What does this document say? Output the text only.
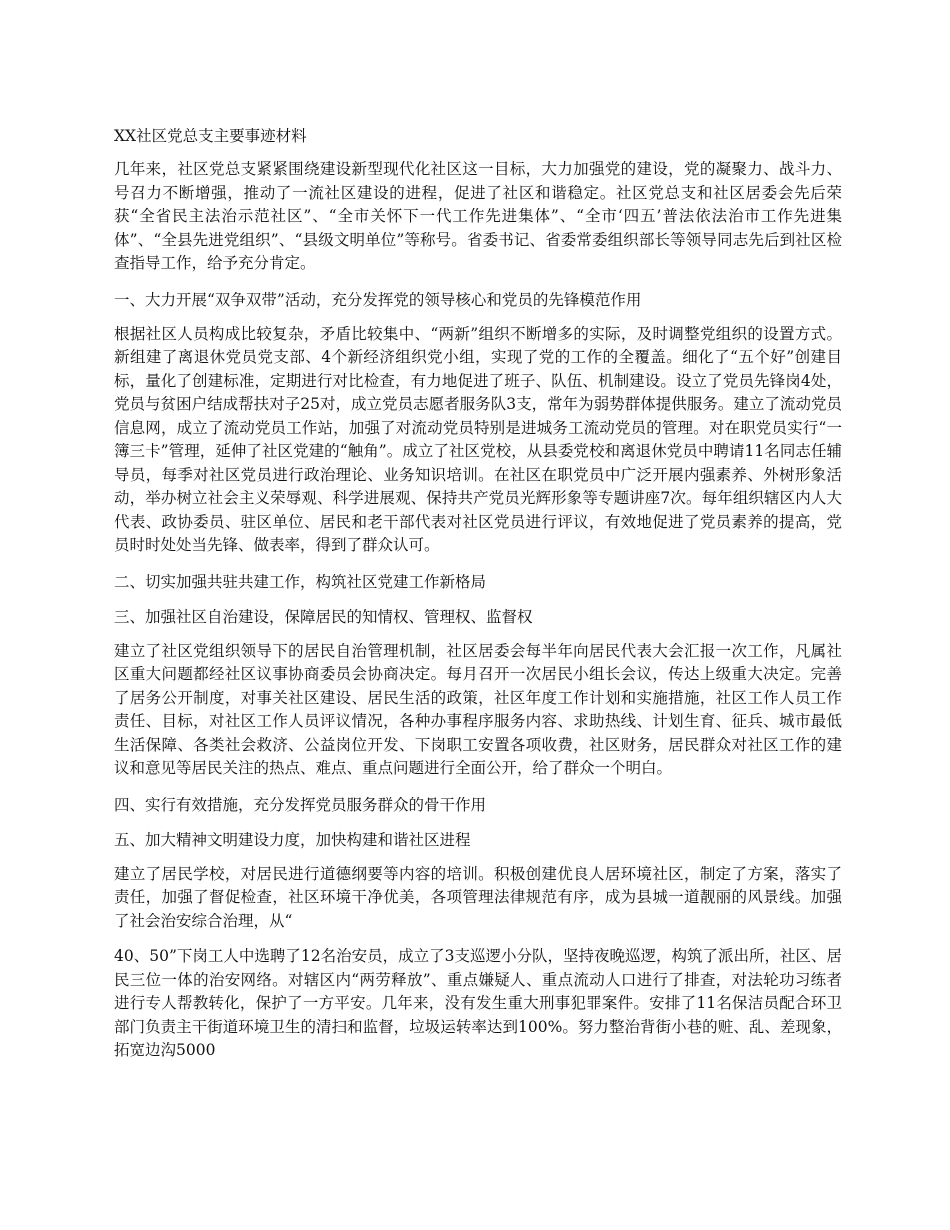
XX社区党总支主要事迹材料

几年来，社区党总支紧紧围绕建设新型现代化社区这一目标，大力加强党的建设，党的凝聚力、战斗力、号召力不断增强，推动了一流社区建设的进程，促进了社区和谐稳定。社区党总支和社区居委会先后荣获“全省民主法治示范社区”、“全市关怀下一代工作先进集体”、“全市‘四五’普法依法治市工作先进集体”、“全县先进党组织”、“县级文明单位”等称号。省委书记、省委常委组织部长等领导同志先后到社区检查指导工作，给予充分肯定。

一、大力开展“双争双带”活动，充分发挥党的领导核心和党员的先锋模范作用

根据社区人员构成比较复杂，矛盾比较集中、“两新”组织不断增多的实际，及时调整党组织的设置方式。新组建了离退休党员党支部、4个新经济组织党小组，实现了党的工作的全覆盖。细化了“五个好”创建目标，量化了创建标准，定期进行对比检查，有力地促进了班子、队伍、机制建设。设立了党员先锋岗4处，党员与贫困户结成帮扶对子25对，成立党员志愿者服务队3支，常年为弱势群体提供服务。建立了流动党员信息网，成立了流动党员工作站，加强了对流动党员特别是进城务工流动党员的管理。对在职党员实行“一簿三卡”管理，延伸了社区党建的“触角”。成立了社区党校，从县委党校和离退休党员中聘请11名同志任辅导员，每季对社区党员进行政治理论、业务知识培训。在社区在职党员中广泛开展内强素养、外树形象活动，举办树立社会主义荣辱观、科学进展观、保持共产党员光辉形象等专题讲座7次。每年组织辖区内人大代表、政协委员、驻区单位、居民和老干部代表对社区党员进行评议，有效地促进了党员素养的提高，党员时时处处当先锋、做表率，得到了群众认可。

二、切实加强共驻共建工作，构筑社区党建工作新格局
三、加强社区自治建设，保障居民的知情权、管理权、监督权

建立了社区党组织领导下的居民自治管理机制，社区居委会每半年向居民代表大会汇报一次工作，凡属社区重大问题都经社区议事协商委员会协商决定。每月召开一次居民小组长会议，传达上级重大决定。完善了居务公开制度，对事关社区建设、居民生活的政策，社区年度工作计划和实施措施，社区工作人员工作责任、目标，对社区工作人员评议情况，各种办事程序服务内容、求助热线、计划生育、征兵、城市最低生活保障、各类社会救济、公益岗位开发、下岗职工安置各项收费，社区财务，居民群众对社区工作的建议和意见等居民关注的热点、难点、重点问题进行全面公开，给了群众一个明白。

四、实行有效措施，充分发挥党员服务群众的骨干作用
五、加大精神文明建设力度，加快构建和谐社区进程

建立了居民学校，对居民进行道德纲要等内容的培训。积极创建优良人居环境社区，制定了方案，落实了责任，加强了督促检查，社区环境干净优美，各项管理法律规范有序，成为县城一道靓丽的风景线。加强了社会治安综合治理，从“

40、50”下岗工人中选聘了12名治安员，成立了3支巡逻小分队，坚持夜晚巡逻，构筑了派出所，社区、居民三位一体的治安网络。对辖区内“两劳释放”、重点嫌疑人、重点流动人口进行了排查，对法轮功习练者进行专人帮教转化，保护了一方平安。几年来，没有发生重大刑事犯罪案件。安排了11名保洁员配合环卫部门负责主干街道环境卫生的清扫和监督，垃圾运转率达到100%。努力整治背街小巷的赃、乱、差现象，拓宽边沟5000
